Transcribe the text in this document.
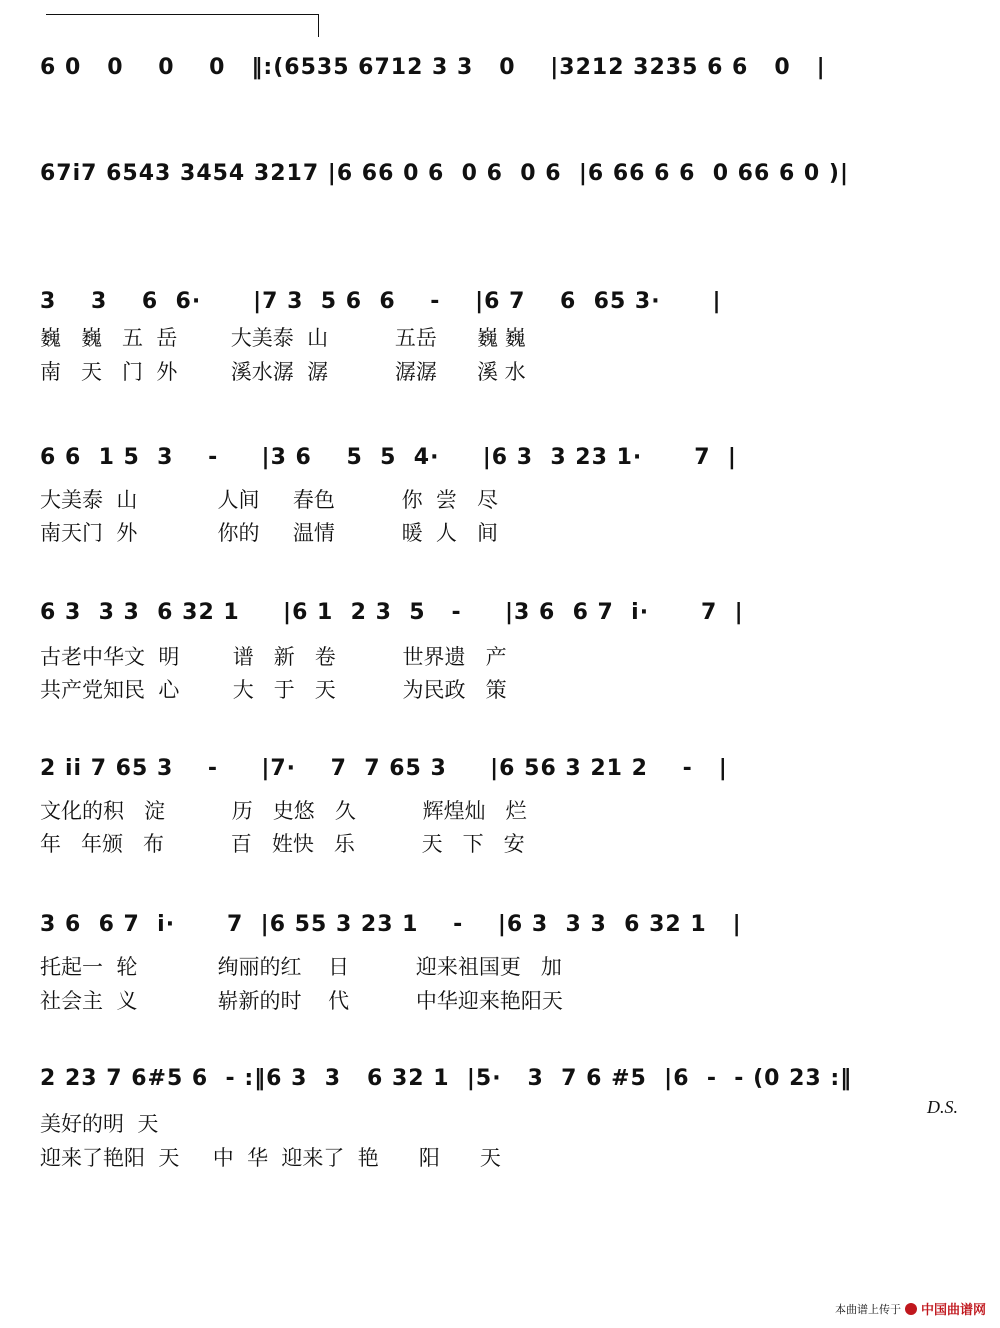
6 0   0    0    0   ‖:(6535 6712 3 3   0    |3212 3235 6 6   0   |
67i7 6543 3454 3217 |6 66 0 6  0 6  0 6  |6 66 6 6  0 66 6 0 )|
3    3    6  6·      |7 3  5 6  6    -    |6 7    6  65 3·      |
巍   巍   五  岳        大美泰  山          五岳      巍 巍
南   天   门  外        溪水潺  潺          潺潺      溪 水
6 6  1 5  3    -     |3 6    5  5  4·     |6 3  3 23 1·      7  |
大美泰  山            人间     春色          你  尝   尽
南天门  外            你的     温情          暖  人   间
6 3  3 3  6 32 1     |6 1  2 3  5   -     |3 6  6 7  i·      7  |
古老中华文  明        谱   新   卷          世界遗   产
共产党知民  心        大   于   天          为民政   策
2 ii 7 65 3    -     |7·    7  7 65 3     |6 56 3 21 2    -   |
文化的积   淀          历   史悠   久          辉煌灿   烂
年   年颁   布          百   姓快   乐          天   下   安
3 6  6 7  i·      7  |6 55 3 23 1    -    |6 3  3 3  6 32 1   |
托起一  轮            绚丽的红    日          迎来祖国更   加
社会主  义            崭新的时    代          中华迎来艳阳天
2 23 7 6#5 6  - :‖6 3  3   6 32 1  |5·   3  7 6 #5  |6  -  - (0 23 :‖
美好的明  天
迎来了艳阳  天     中  华  迎来了  艳      阳      天
D.S.
本曲谱上传于 中国曲谱网
